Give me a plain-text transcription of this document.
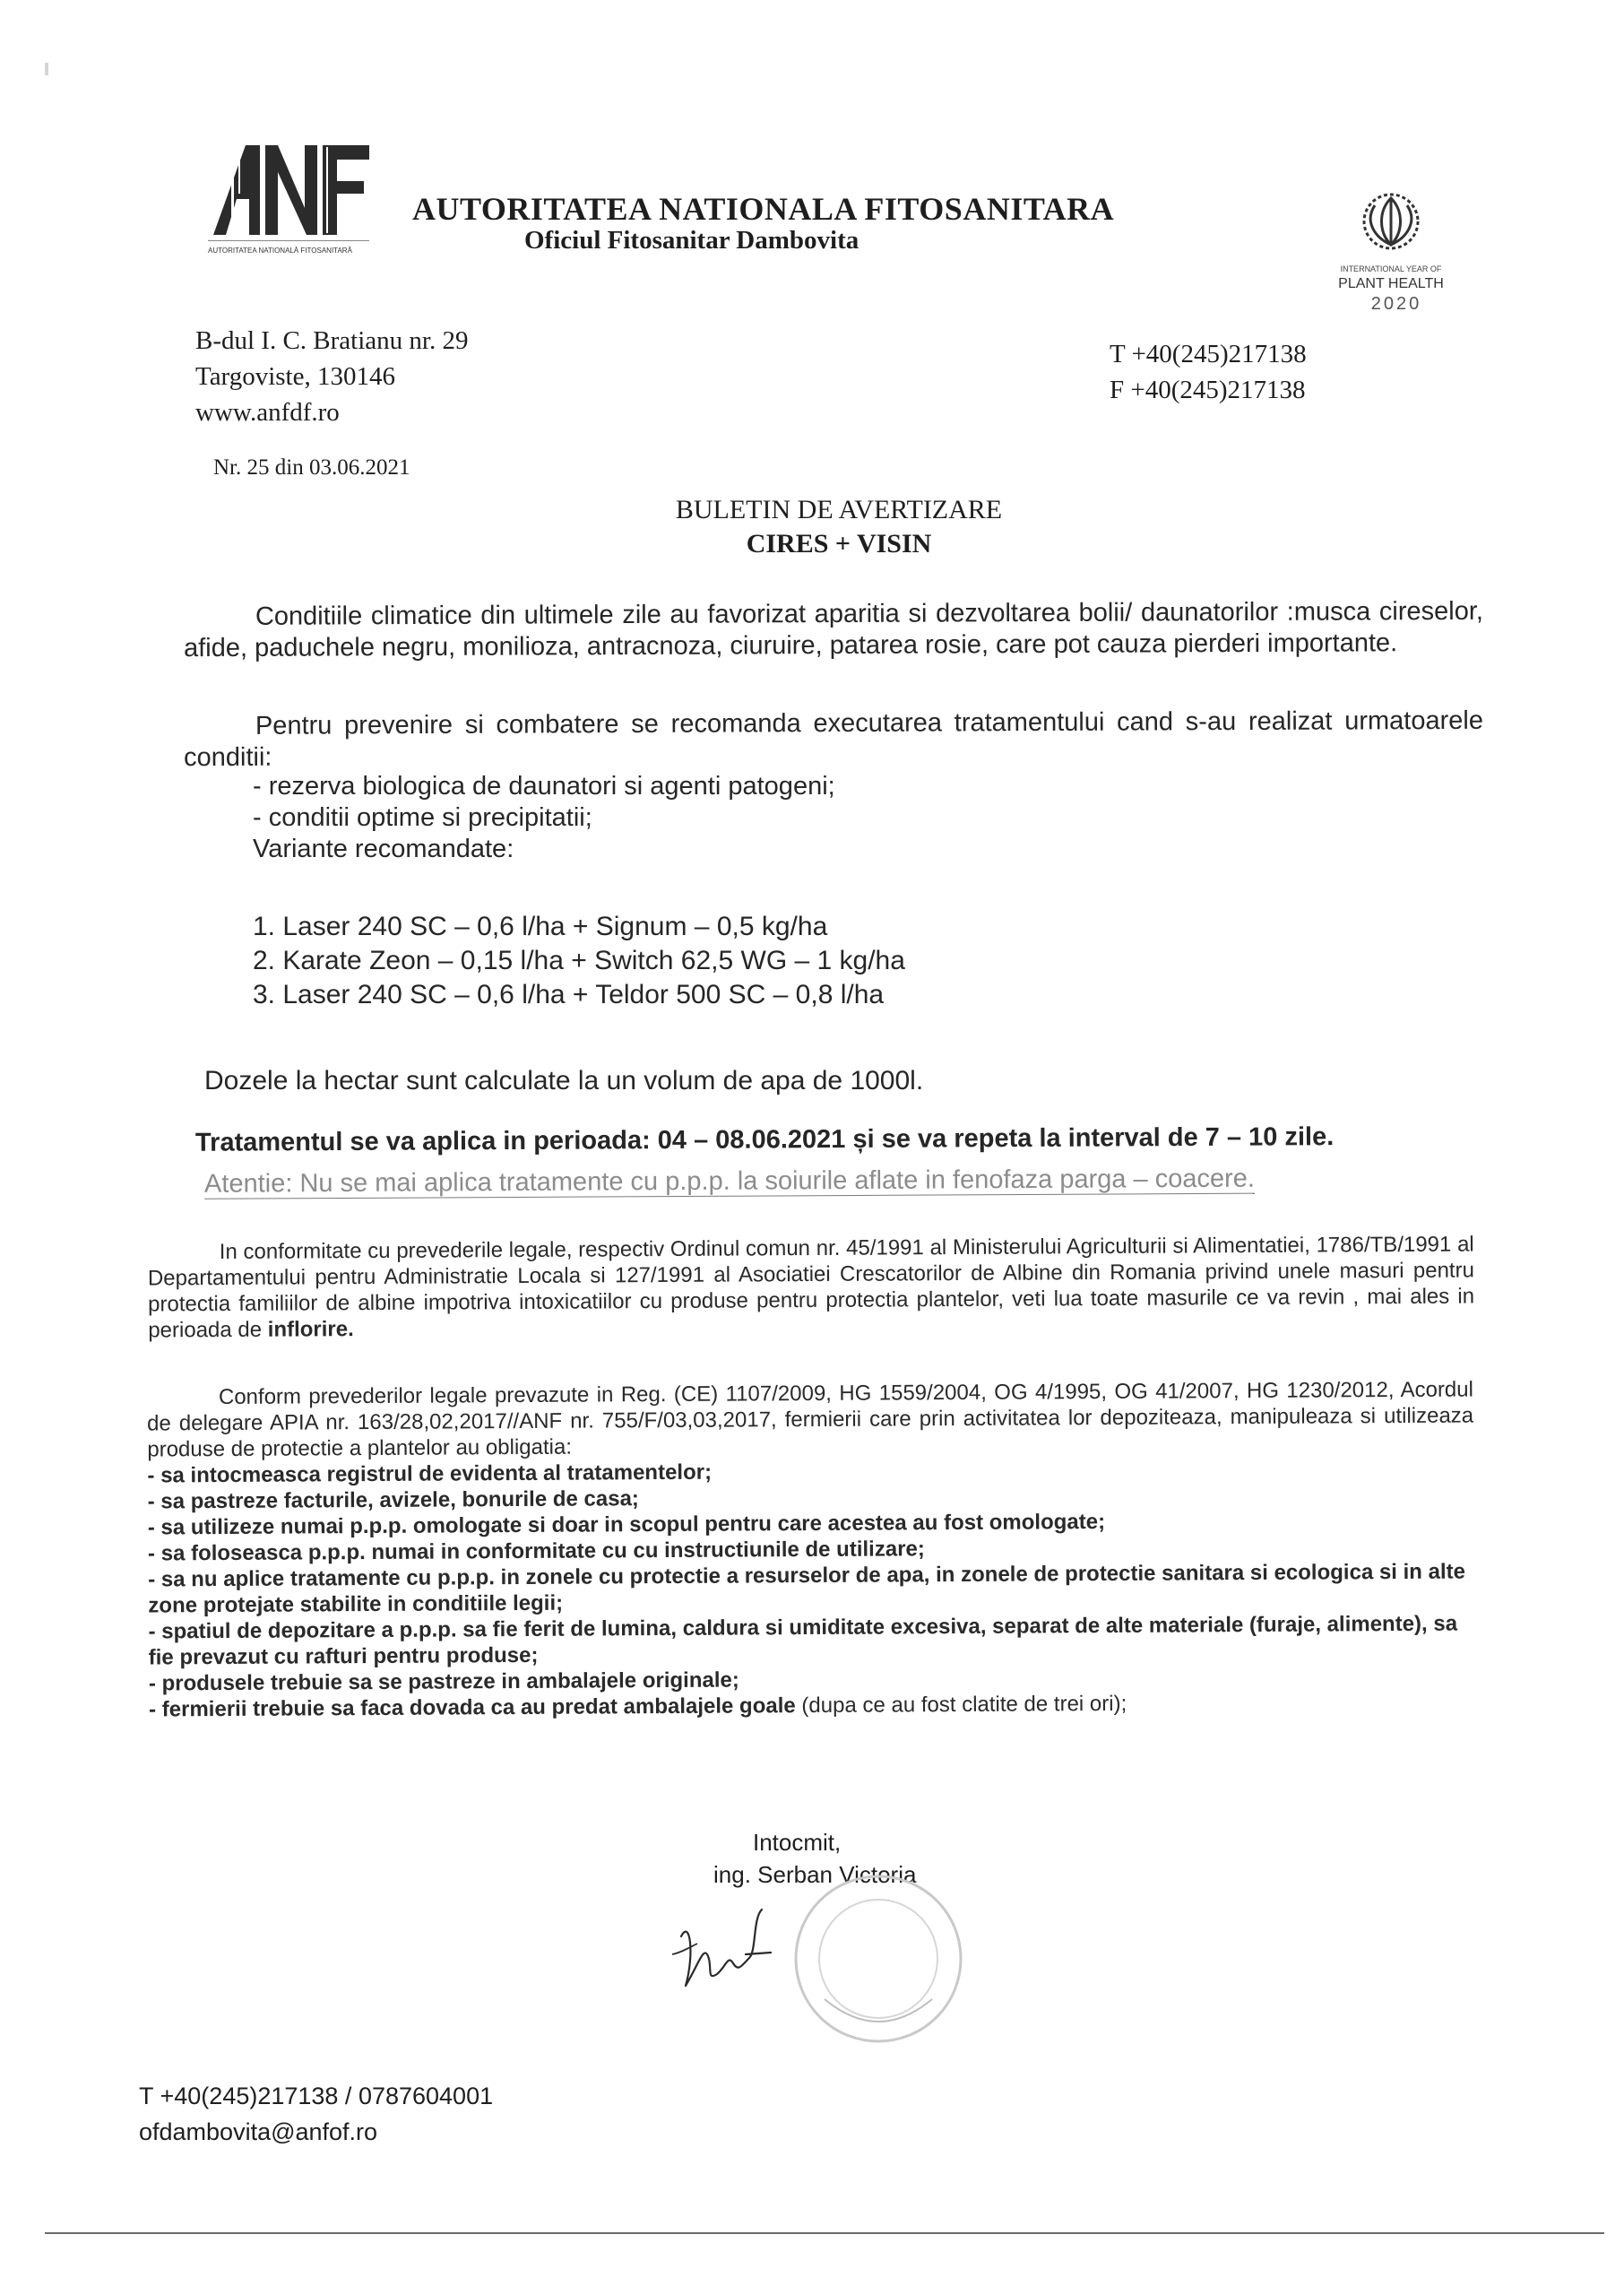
AUTORITATEA NATIONALĂ FITOSANITARĂ
AUTORITATEA NATIONALA FITOSANITARA
Oficiul Fitosanitar Dambovita
INTERNATIONAL YEAR OF
PLANT HEALTH
2020
B-dul I. C. Bratianu nr. 29
Targoviste, 130146
www.anfdf.ro
T +40(245)217138
F +40(245)217138
Nr. 25 din 03.06.2021
BULETIN DE AVERTIZARE
CIRES + VISIN
Conditiile climatice din ultimele zile au favorizat aparitia si dezvoltarea bolii/ daunatorilor :musca cireselor, afide, paduchele negru, monilioza, antracnoza, ciuruire, patarea rosie, care pot cauza pierderi importante.
Pentru prevenire si combatere se recomanda executarea tratamentului cand s-au realizat urmatoarele conditii:
- rezerva biologica de daunatori si agenti patogeni;
- conditii optime si precipitatii;
Variante recomandate:
1. Laser 240 SC – 0,6 l/ha + Signum – 0,5 kg/ha
2. Karate Zeon – 0,15 l/ha + Switch 62,5 WG – 1 kg/ha
3. Laser 240 SC – 0,6 l/ha + Teldor 500 SC – 0,8 l/ha
Dozele la hectar sunt calculate la un volum de apa de 1000l.
Tratamentul se va aplica in perioada: 04 – 08.06.2021 și se va repeta la interval de 7 – 10 zile.
Atentie: Nu se mai aplica tratamente cu p.p.p. la soiurile aflate in fenofaza parga – coacere.
In conformitate cu prevederile legale, respectiv Ordinul comun nr. 45/1991 al Ministerului Agriculturii si Alimentatiei, 1786/TB/1991 al Departamentului pentru Administratie Locala si 127/1991 al Asociatiei Crescatorilor de Albine din Romania privind unele masuri pentru protectia familiilor de albine impotriva intoxicatiilor cu produse pentru protectia plantelor, veti lua toate masurile ce va revin , mai ales in perioada de inflorire.
Conform prevederilor legale prevazute in Reg. (CE) 1107/2009, HG 1559/2004, OG 4/1995, OG 41/2007, HG 1230/2012, Acordul de delegare APIA nr. 163/28,02,2017//ANF nr. 755/F/03,03,2017, fermierii care prin activitatea lor depoziteaza, manipuleaza si utilizeaza produse de protectie a plantelor au obligatia:
- sa intocmeasca registrul de evidenta al tratamentelor;
- sa pastreze facturile, avizele, bonurile de casa;
- sa utilizeze numai p.p.p. omologate si doar in scopul pentru care acestea au fost omologate;
- sa foloseasca p.p.p. numai in conformitate cu cu instructiunile de utilizare;
- sa nu aplice tratamente cu p.p.p. in zonele cu protectie a resurselor de apa, in zonele de protectie sanitara si ecologica si in alte zone protejate stabilite in conditiile legii;
- spatiul de depozitare a p.p.p. sa fie ferit de lumina, caldura si umiditate excesiva, separat de alte materiale (furaje, alimente), sa fie prevazut cu rafturi pentru produse;
- produsele trebuie sa se pastreze in ambalajele originale;
- fermierii trebuie sa faca dovada ca au predat ambalajele goale (dupa ce au fost clatite de trei ori);
Intocmit,
ing. Serban Victoria
T +40(245)217138 / 0787604001
ofdambovita@anfof.ro
